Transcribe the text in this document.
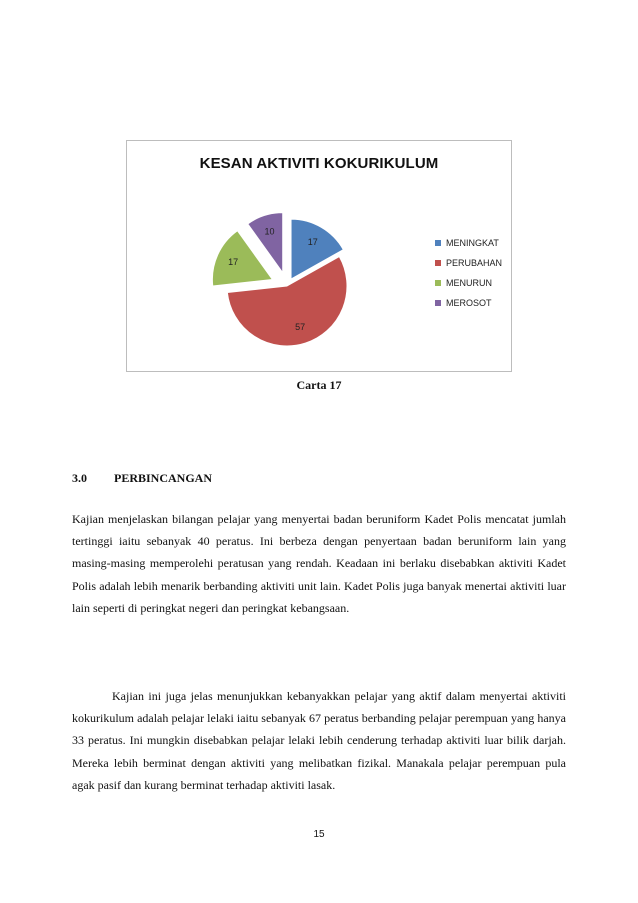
KESAN AKTIVITI KOKURIKULUM
17
57
17
10
MENINGKAT
PERUBAHAN
MENURUN
MEROSOT
Carta 17
3.0 PERBINCANGAN

Kajian menjelaskan bilangan pelajar yang menyertai badan beruniform Kadet Polis mencatat jumlah tertinggi iaitu sebanyak 40 peratus. Ini berbeza dengan penyertaan badan beruniform lain yang masing-masing memperolehi peratusan yang rendah. Keadaan ini berlaku disebabkan aktiviti Kadet Polis adalah lebih menarik berbanding aktiviti unit lain. Kadet Polis juga banyak menertai aktiviti luar lain seperti di peringkat negeri dan peringkat kebangsaan.

Kajian ini juga jelas menunjukkan kebanyakkan pelajar yang aktif dalam menyertai aktiviti kokurikulum adalah pelajar lelaki iaitu sebanyak 67 peratus berbanding pelajar perempuan yang hanya 33 peratus. Ini mungkin disebabkan pelajar lelaki lebih cenderung terhadap aktiviti luar bilik darjah. Mereka lebih berminat dengan aktiviti yang melibatkan fizikal. Manakala pelajar perempuan pula agak pasif dan kurang berminat terhadap aktiviti lasak.

15
